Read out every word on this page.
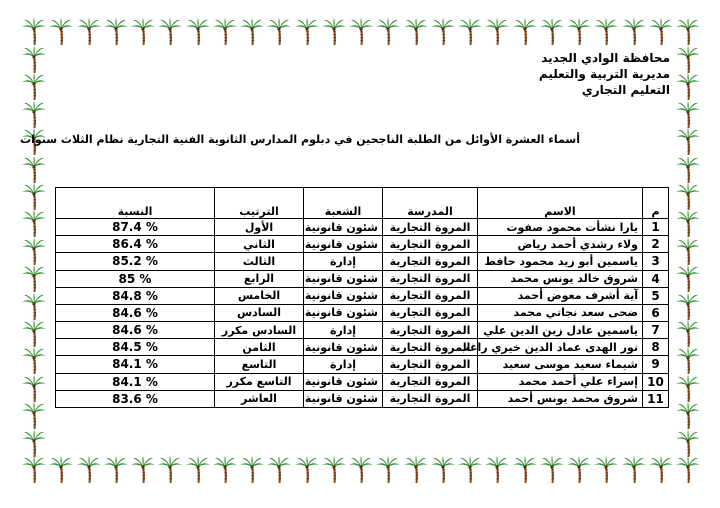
محافظة الوادي الجديد
مديرية التربية والتعليم
التعليم التجاري
أسماء العشرة الأوائل من الطلبة الناجحين في دبلوم المدارس الثانوية الفنية التجارية نظام الثلاث سنوات
م	الاسم	المدرسة	الشعبة	الترتيب	النسبة
1	يارا نشأت محمود صفوت	المروة التجارية	شئون قانونية	الأول	87.4 %
2	ولاء رشدي أحمد رياض	المروة التجارية	شئون قانونية	الثاني	86.4 %
3	ياسمين أبو زيد محمود حافظ	المروة التجارية	إدارة	الثالث	85.2 %
4	شروق خالد يونس محمد	المروة التجارية	شئون قانونية	الرابع	85 %
5	آية أشرف معوض أحمد	المروة التجارية	شئون قانونية	الخامس	84.8 %
6	ضحى سعد نجاتي محمد	المروة التجارية	شئون قانونية	السادس	84.6 %
7	ياسمين عادل زين الدين علي	المروة التجارية	إدارة	السادس مكرر	84.6 %
8	نور الهدى عماد الدين خيري راغب	المروة التجارية	شئون قانونية	الثامن	84.5 %
9	شيماء سعيد موسى سعيد	المروة التجارية	إدارة	التاسع	84.1 %
10	إسراء علي أحمد محمد	المروة التجارية	شئون قانونية	التاسع مكرر	84.1 %
11	شروق محمد يونس أحمد	المروة التجارية	شئون قانونية	العاشر	83.6 %
